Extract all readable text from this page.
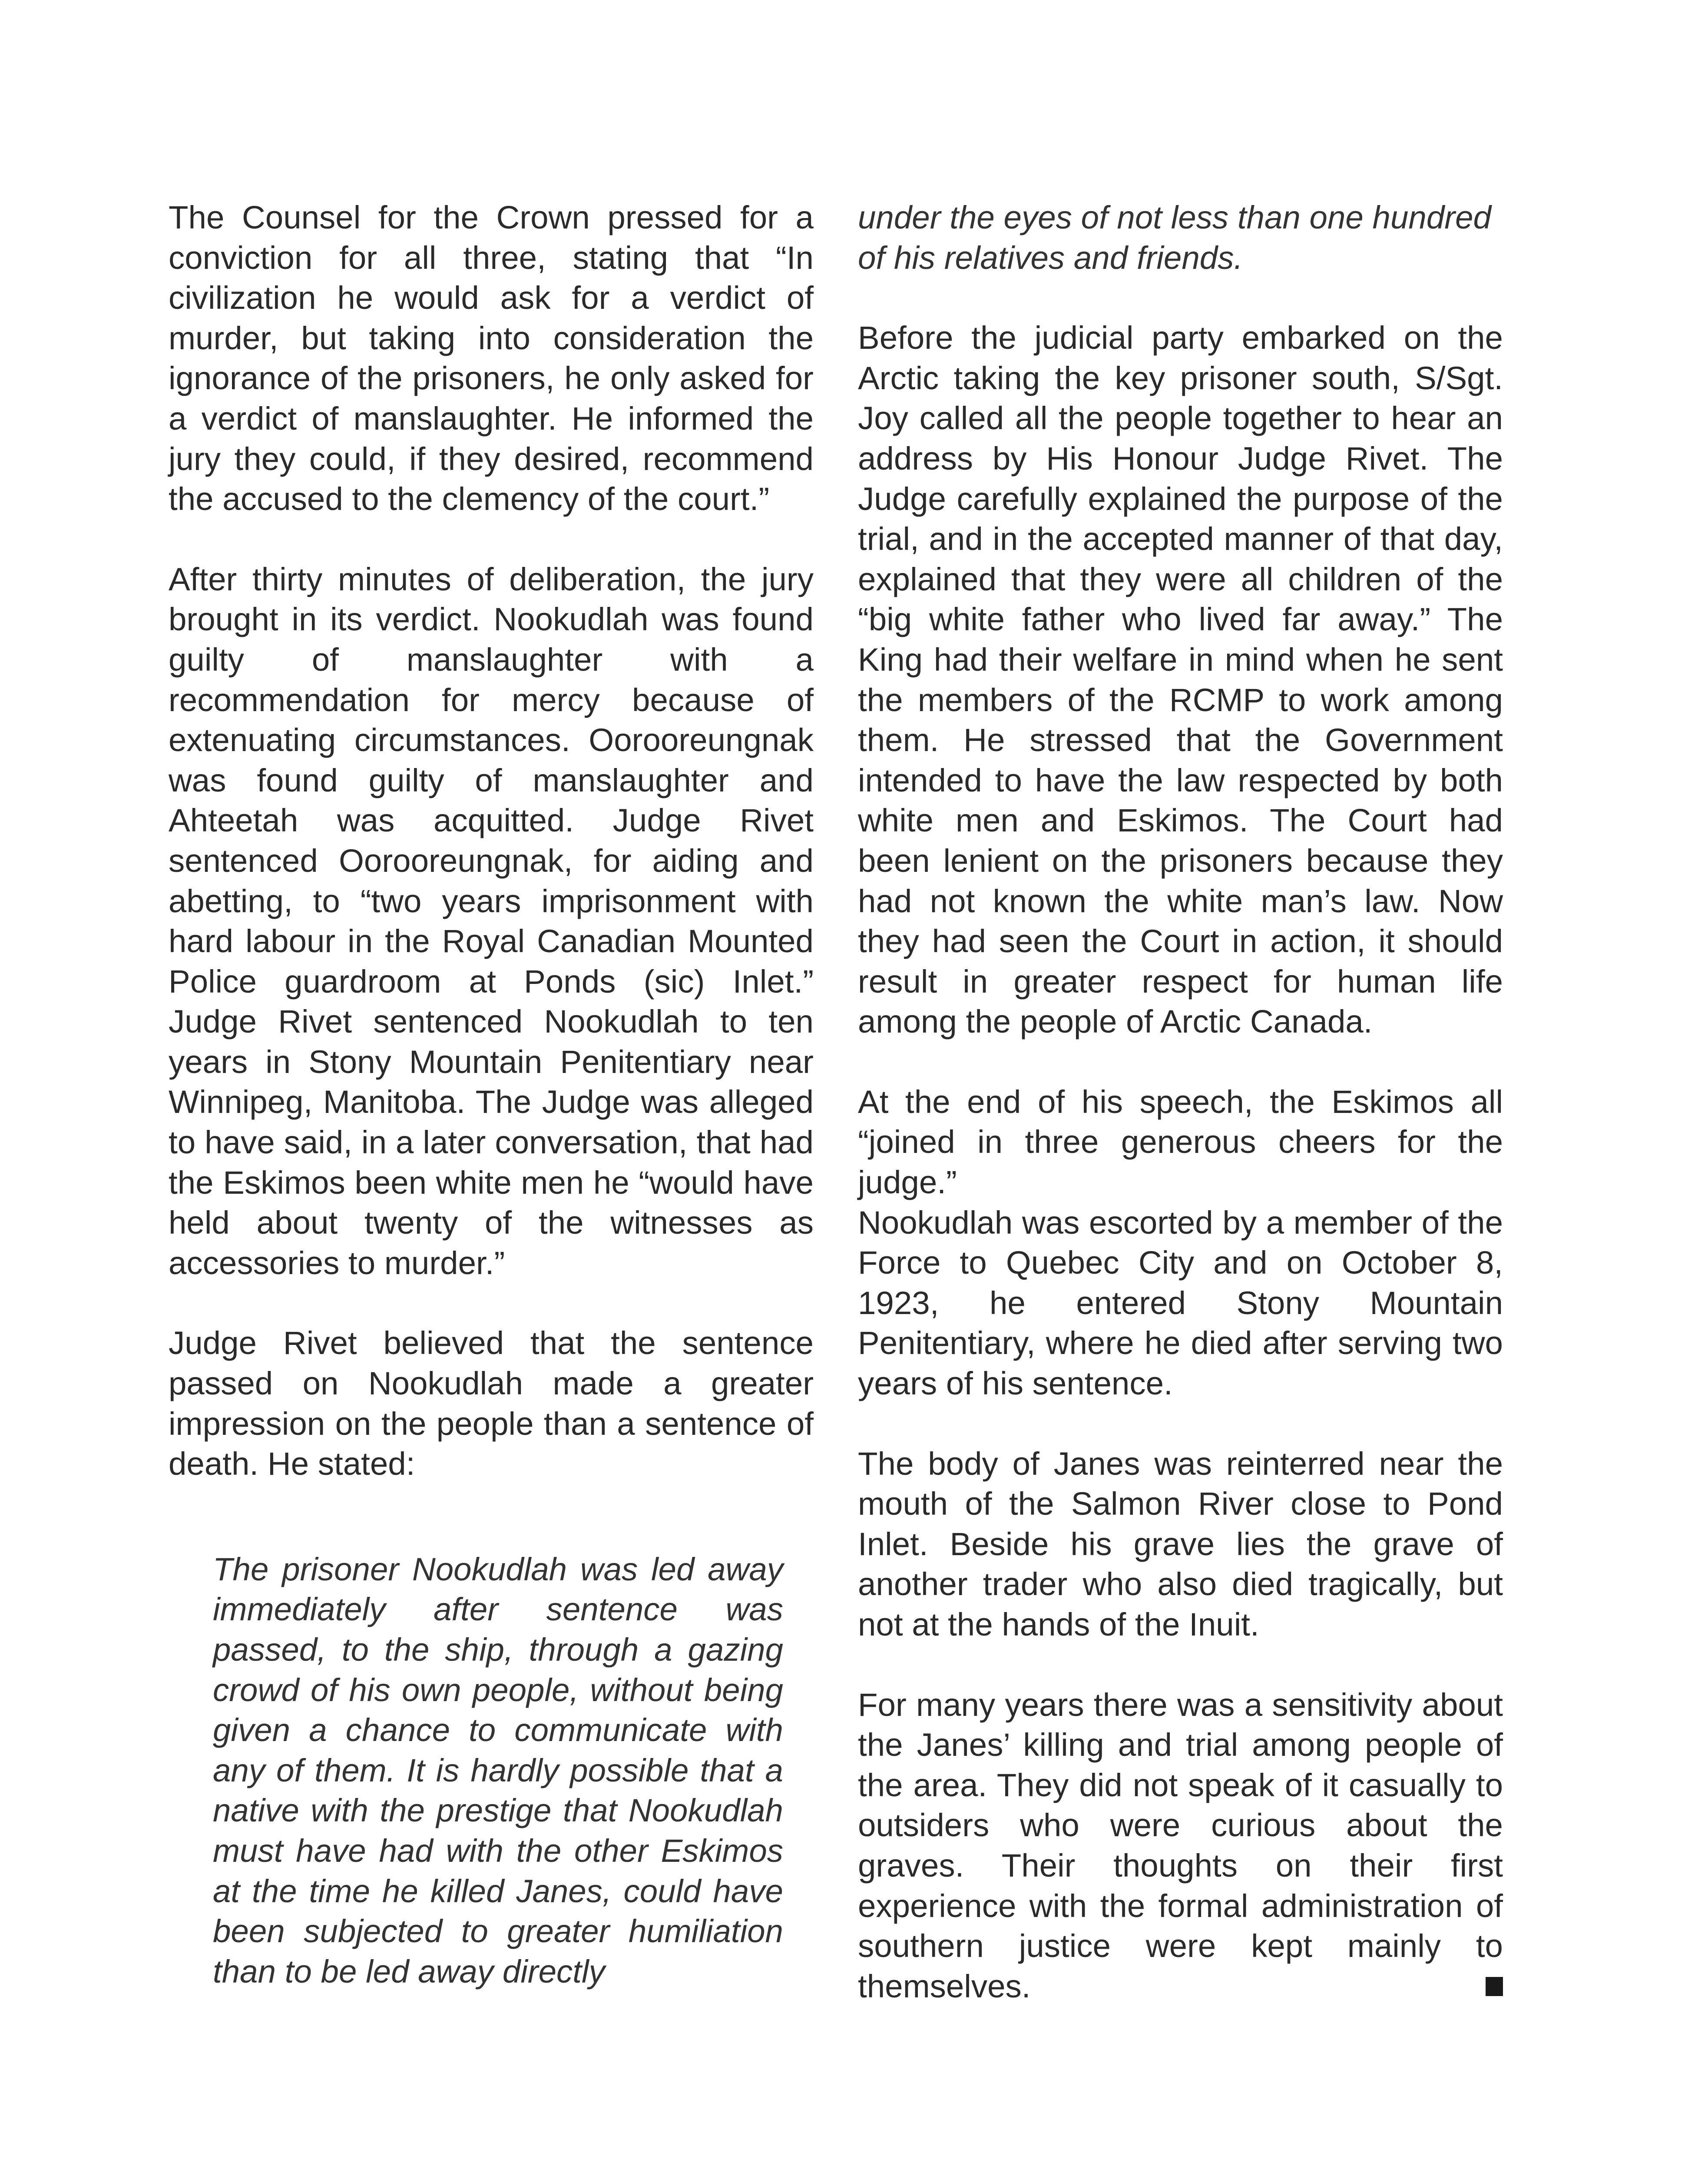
The Counsel for the Crown pressed for a conviction for all three, stating that “In civilization he would ask for a verdict of murder, but taking into consideration the ignorance of the prisoners, he only asked for a verdict of manslaughter. He informed the jury they could, if they desired, recommend the accused to the clemency of the court.”

After thirty minutes of deliberation, the jury brought in its verdict. Nookudlah was found guilty of manslaughter with a recommendation for mercy because of extenuating circumstances. Oorooreungnak was found guilty of manslaughter and Ahteetah was acquitted. Judge Rivet sentenced Oorooreungnak, for aiding and abetting, to “two years imprisonment with hard labour in the Royal Canadian Mounted Police guardroom at Ponds (sic) Inlet.” Judge Rivet sentenced Nookudlah to ten years in Stony Mountain Penitentiary near Winnipeg, Manitoba. The Judge was alleged to have said, in a later conversation, that had the Eskimos been white men he “would have held about twenty of the witnesses as accessories to murder.”

Judge Rivet believed that the sentence passed on Nookudlah made a greater impression on the people than a sentence of death. He stated:

The prisoner Nookudlah was led away immediately after sentence was passed, to the ship, through a gazing crowd of his own people, without being given a chance to communicate with any of them. It is hardly possible that a native with the prestige that Nookudlah must have had with the other Eskimos at the time he killed Janes, could have been subjected to greater humiliation than to be led away directly

under the eyes of not less than one hundred of his relatives and friends.

Before the judicial party embarked on the Arctic taking the key prisoner south, S/Sgt. Joy called all the people together to hear an address by His Honour Judge Rivet. The Judge carefully explained the purpose of the trial, and in the accepted manner of that day, explained that they were all children of the “big white father who lived far away.” The King had their welfare in mind when he sent the members of the RCMP to work among them. He stressed that the Government intended to have the law respected by both white men and Eskimos. The Court had been lenient on the prisoners because they had not known the white man’s law. Now they had seen the Court in action, it should result in greater respect for human life among the people of Arctic Canada.

At the end of his speech, the Eskimos all “joined in three generous cheers for the judge.”

Nookudlah was escorted by a member of the Force to Quebec City and on October 8, 1923, he entered Stony Mountain Penitentiary, where he died after serving two years of his sentence.

The body of Janes was reinterred near the mouth of the Salmon River close to Pond Inlet. Beside his grave lies the grave of another trader who also died tragically, but not at the hands of the Inuit.

For many years there was a sensitivity about the Janes’ killing and trial among people of the area. They did not speak of it casually to outsiders who were curious about the graves. Their thoughts on their first experience with the formal administration of southern justice were kept mainly to themselves.
